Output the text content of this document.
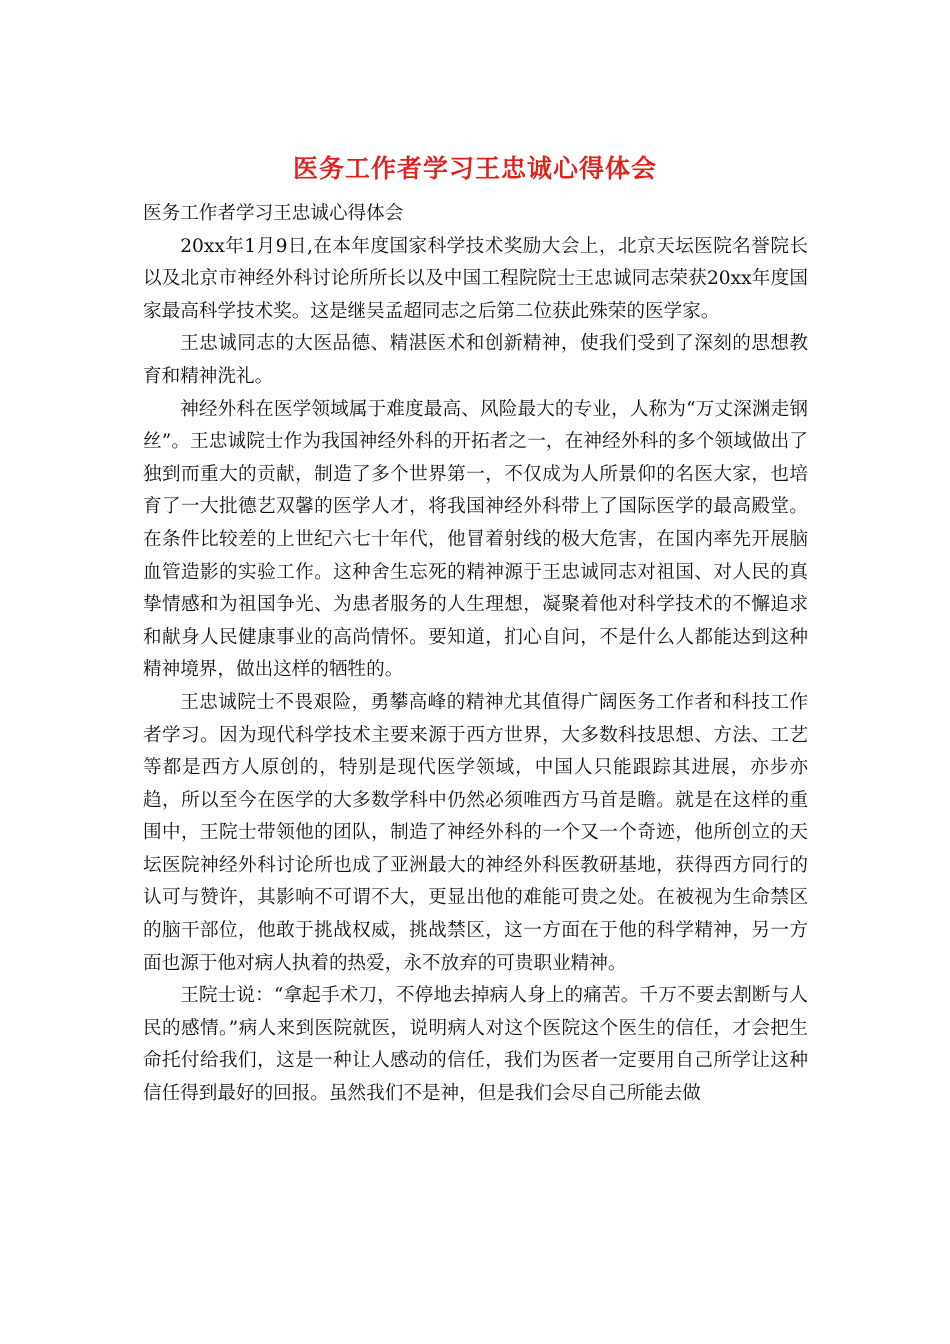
医务工作者学习王忠诚心得体会

医务工作者学习王忠诚心得体会

20xx年1月9日,在本年度国家科学技术奖励大会上，北京天坛医院名誉院长以及北京市神经外科讨论所所长以及中国工程院院士王忠诚同志荣获20xx年度国家最高科学技术奖。这是继吴孟超同志之后第二位获此殊荣的医学家。

王忠诚同志的大医品德、精湛医术和创新精神，使我们受到了深刻的思想教育和精神洗礼。

神经外科在医学领域属于难度最高、风险最大的专业，人称为“万丈深渊走钢丝”。王忠诚院士作为我国神经外科的开拓者之一，在神经外科的多个领域做出了独到而重大的贡献，制造了多个世界第一，不仅成为人所景仰的名医大家，也培育了一大批德艺双馨的医学人才，将我国神经外科带上了国际医学的最高殿堂。在条件比较差的上世纪六七十年代，他冒着射线的极大危害，在国内率先开展脑血管造影的实验工作。这种舍生忘死的精神源于王忠诚同志对祖国、对人民的真挚情感和为祖国争光、为患者服务的人生理想，凝聚着他对科学技术的不懈追求和献身人民健康事业的高尚情怀。要知道，扪心自问，不是什么人都能达到这种精神境界，做出这样的牺牲的。

王忠诚院士不畏艰险，勇攀高峰的精神尤其值得广阔医务工作者和科技工作者学习。因为现代科学技术主要来源于西方世界，大多数科技思想、方法、工艺等都是西方人原创的，特别是现代医学领域，中国人只能跟踪其进展，亦步亦趋，所以至今在医学的大多数学科中仍然必须唯西方马首是瞻。就是在这样的重围中，王院士带领他的团队，制造了神经外科的一个又一个奇迹，他所创立的天坛医院神经外科讨论所也成了亚洲最大的神经外科医教研基地，获得西方同行的认可与赞许，其影响不可谓不大，更显出他的难能可贵之处。在被视为生命禁区的脑干部位，他敢于挑战权威，挑战禁区，这一方面在于他的科学精神，另一方面也源于他对病人执着的热爱，永不放弃的可贵职业精神。

王院士说：“拿起手术刀，不停地去掉病人身上的痛苦。千万不要去割断与人民的感情。”病人来到医院就医，说明病人对这个医院这个医生的信任，才会把生命托付给我们，这是一种让人感动的信任，我们为医者一定要用自己所学让这种信任得到最好的回报。虽然我们不是神，但是我们会尽自己所能去做
